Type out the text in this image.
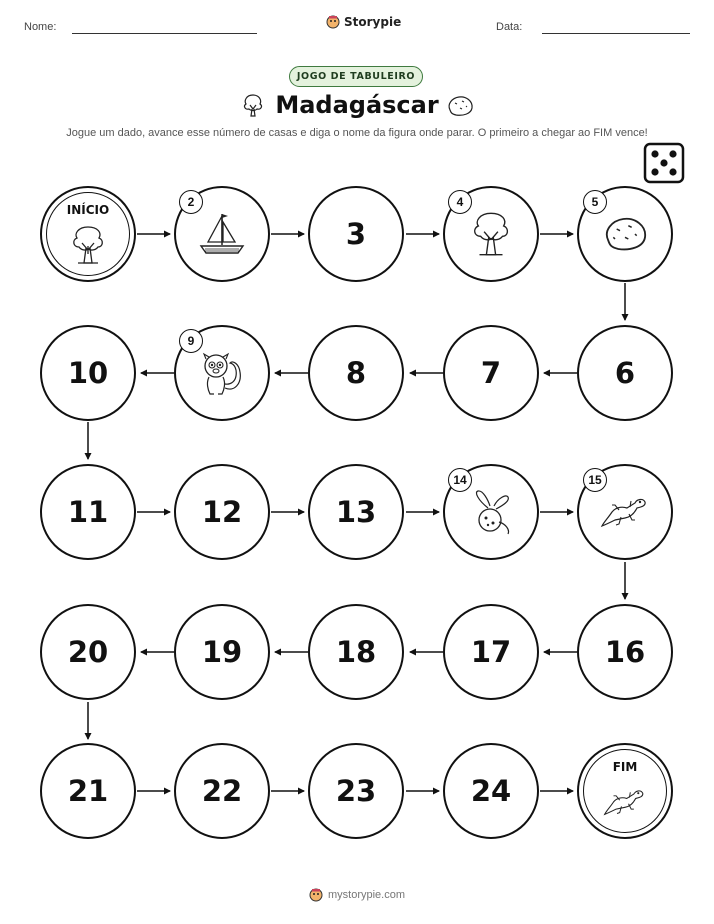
Nome:	Storypie	Data:
JOGO DE TABULEIRO
Madagáscar
Jogue um dado, avance esse número de casas e diga o nome da figura onde parar. O primeiro a chegar ao FIM vence!
INÍCIO
2
3
4	5
10
9
8	7	6
11	12	13
14	15
20	19	18	17	16
21	22	23	24
FIM
mystorypie.com
